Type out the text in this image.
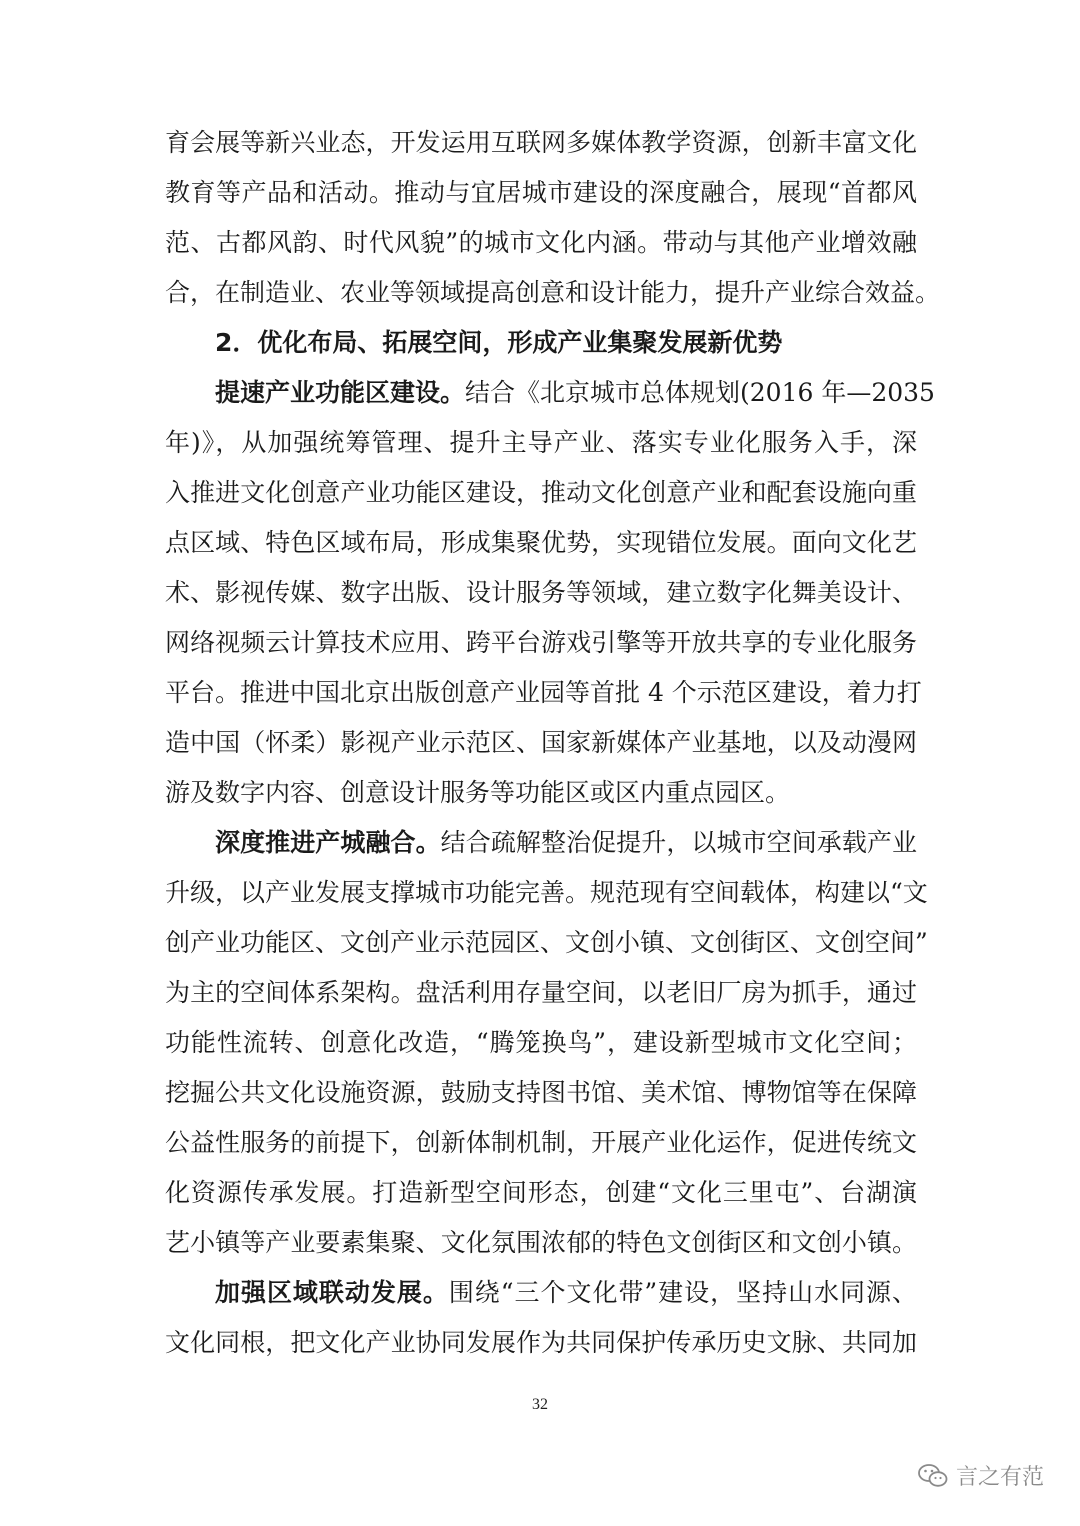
育会展等新兴业态，开发运用互联网多媒体教学资源，创新丰富文化
教育等产品和活动。推动与宜居城市建设的深度融合，展现“首都风
范、古都风韵、时代风貌”的城市文化内涵。带动与其他产业增效融
合，在制造业、农业等领域提高创意和设计能力，提升产业综合效益。
2．优化布局、拓展空间，形成产业集聚发展新优势
提速产业功能区建设。结合《北京城市总体规划(2016 年—2035
年)》，从加强统筹管理、提升主导产业、落实专业化服务入手，深
入推进文化创意产业功能区建设，推动文化创意产业和配套设施向重
点区域、特色区域布局，形成集聚优势，实现错位发展。面向文化艺
术、影视传媒、数字出版、设计服务等领域，建立数字化舞美设计、
网络视频云计算技术应用、跨平台游戏引擎等开放共享的专业化服务
平台。推进中国北京出版创意产业园等首批 4 个示范区建设，着力打
造中国（怀柔）影视产业示范区、国家新媒体产业基地，以及动漫网
游及数字内容、创意设计服务等功能区或区内重点园区。
深度推进产城融合。结合疏解整治促提升，以城市空间承载产业
升级，以产业发展支撑城市功能完善。规范现有空间载体，构建以“文
创产业功能区、文创产业示范园区、文创小镇、文创街区、文创空间”
为主的空间体系架构。盘活利用存量空间，以老旧厂房为抓手，通过
功能性流转、创意化改造，“腾笼换鸟”，建设新型城市文化空间；
挖掘公共文化设施资源，鼓励支持图书馆、美术馆、博物馆等在保障
公益性服务的前提下，创新体制机制，开展产业化运作，促进传统文
化资源传承发展。打造新型空间形态，创建“文化三里屯”、台湖演
艺小镇等产业要素集聚、文化氛围浓郁的特色文创街区和文创小镇。
加强区域联动发展。围绕“三个文化带”建设，坚持山水同源、
文化同根，把文化产业协同发展作为共同保护传承历史文脉、共同加
32
言之有范
